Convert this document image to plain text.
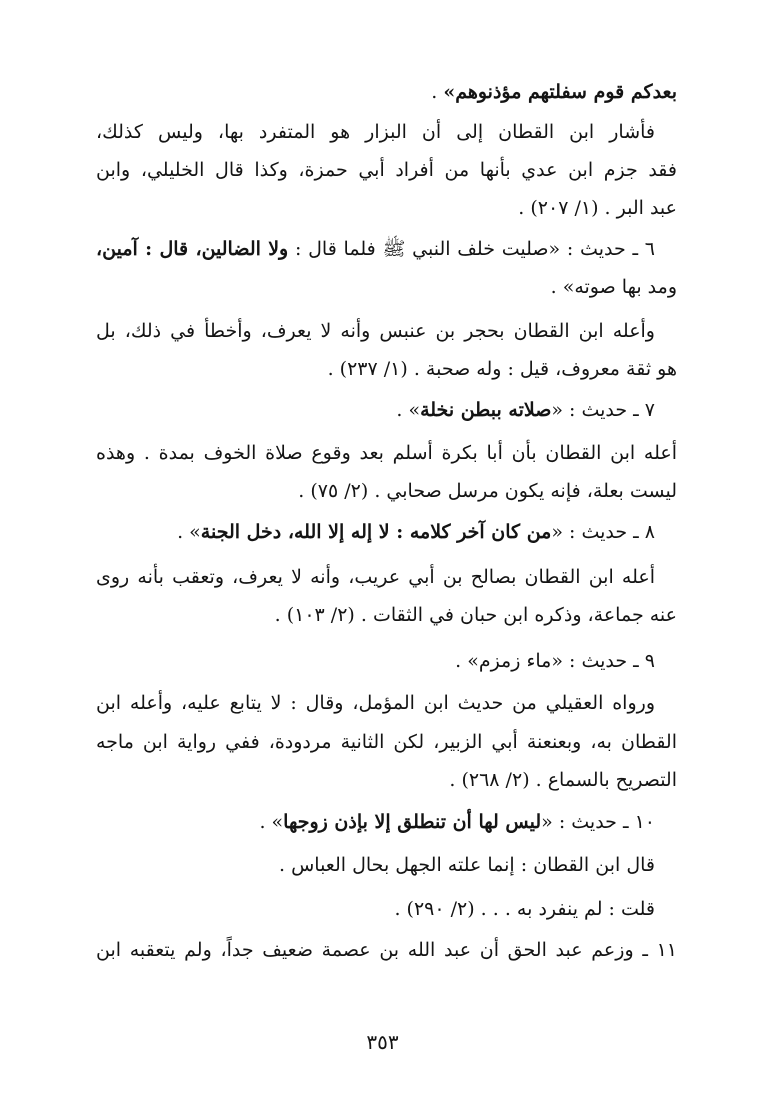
بعدكم قوم سفلتهم مؤذنوهم» .
فأشار ابن القطان إلى أن البزار هو المتفرد بها، وليس كذلك،
فقد جزم ابن عدي بأنها من أفراد أبي حمزة، وكذا قال الخليلي، وابن
عبد البر . (١/ ٢٠٧) .
٦ ـ حديث : «صليت خلف النبي ﷺ فلما قال : ولا الضالين، قال : آمين،
ومد بها صوته» .
وأعله ابن القطان بحجر بن عنبس وأنه لا يعرف، وأخطأ في ذلك، بل
هو ثقة معروف، قيل : وله صحبة . (١/ ٢٣٧) .
٧ ـ حديث : «صلاته ببطن نخلة» .
أعله ابن القطان بأن أبا بكرة أسلم بعد وقوع صلاة الخوف بمدة . وهذه
ليست بعلة، فإنه يكون مرسل صحابي . (٢/ ٧٥) .
٨ ـ حديث : «من كان آخر كلامه : لا إله إلا الله، دخل الجنة» .
أعله ابن القطان بصالح بن أبي عريب، وأنه لا يعرف، وتعقب بأنه روى
عنه جماعة، وذكره ابن حبان في الثقات . (٢/ ١٠٣) .
٩ ـ حديث : «ماء زمزم» .
ورواه العقيلي من حديث ابن المؤمل، وقال : لا يتابع عليه، وأعله ابن
القطان به، وبعنعنة أبي الزبير، لكن الثانية مردودة، ففي رواية ابن ماجه
التصريح بالسماع . (٢/ ٢٦٨) .
١٠ ـ حديث : «ليس لها أن تنطلق إلا بإذن زوجها» .
قال ابن القطان : إنما علته الجهل بحال العباس .
قلت : لم ينفرد به . . . (٢/ ٢٩٠) .
١١ ـ وزعم عبد الحق أن عبد الله بن عصمة ضعيف جداً، ولم يتعقبه ابن
٣٥٣
